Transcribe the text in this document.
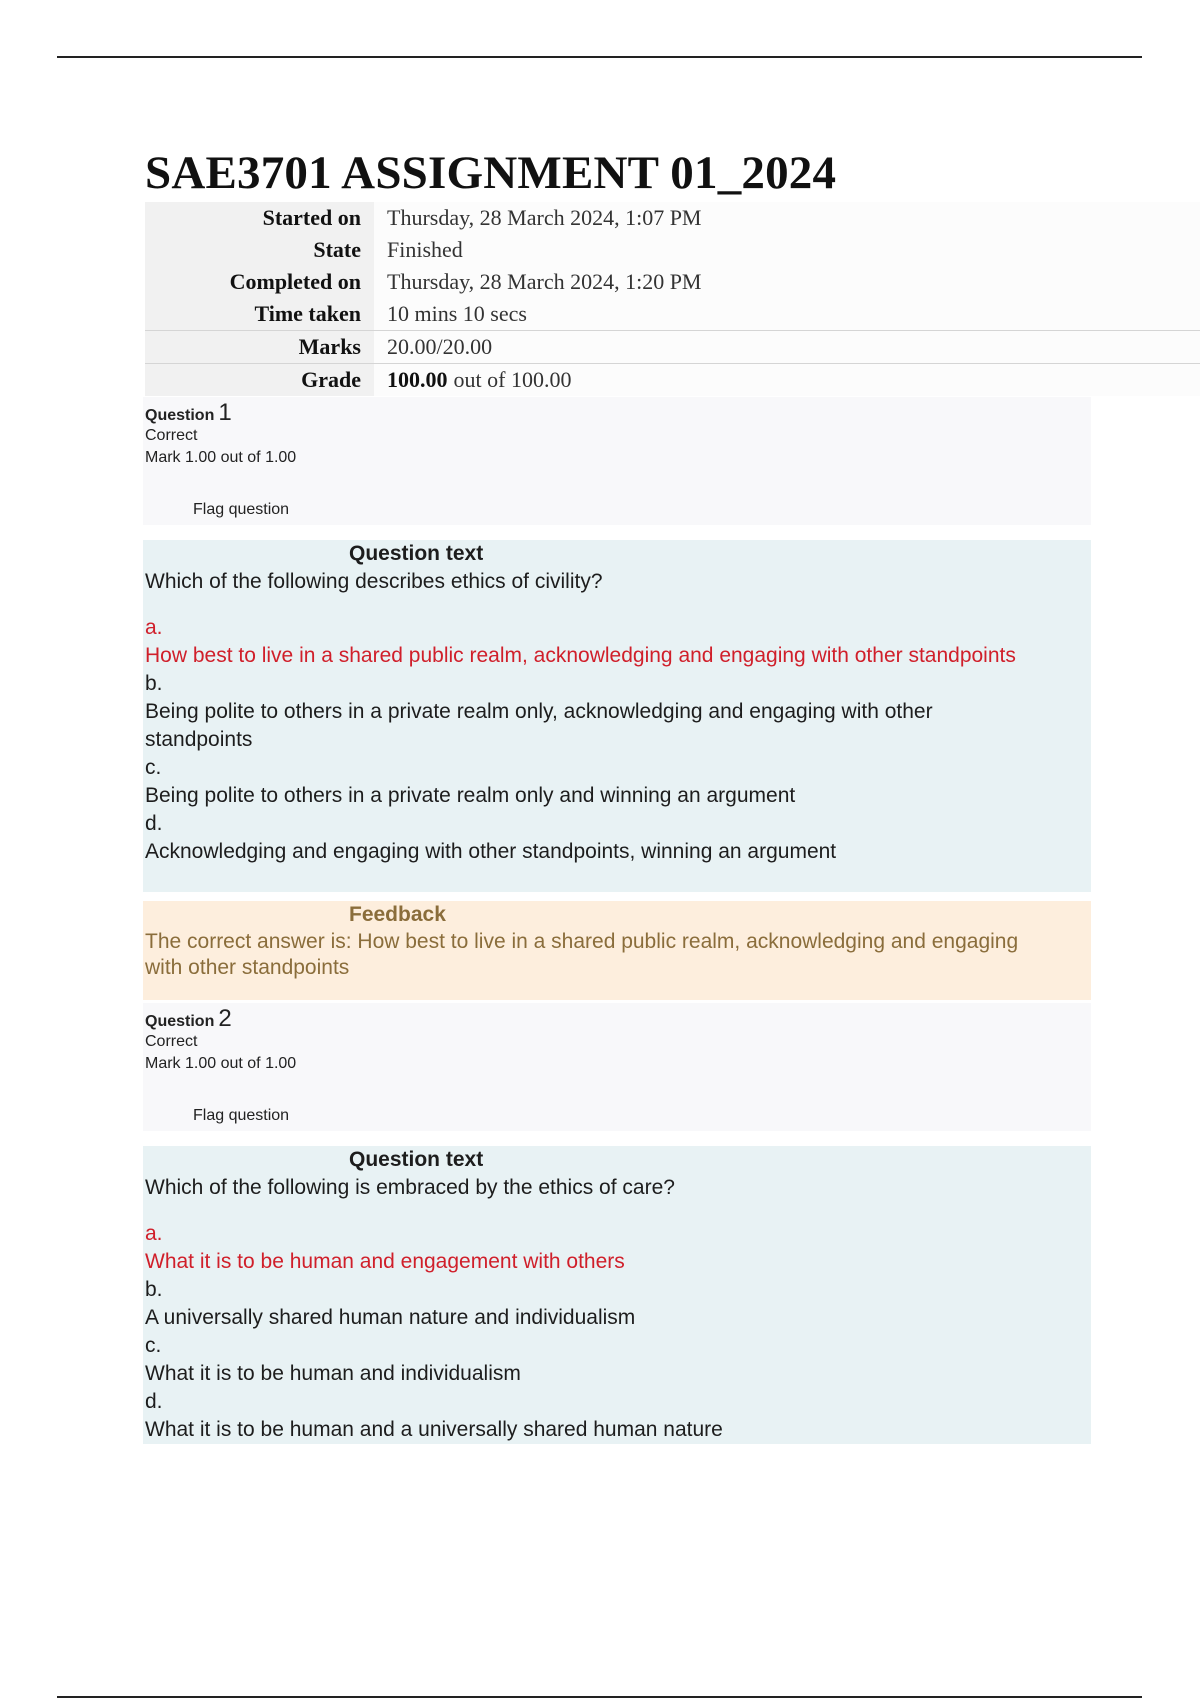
SAE3701 ASSIGNMENT 01_2024
Started on	Thursday, 28 March 2024, 1:07 PM
State	Finished
Completed on	Thursday, 28 March 2024, 1:20 PM
Time taken	10 mins 10 secs
Marks	20.00/20.00
Grade	100.00 out of 100.00
Question 1
Correct
Mark 1.00 out of 1.00
Flag question
Question text
Which of the following describes ethics of civility?
a.
How best to live in a shared public realm, acknowledging and engaging with other standpoints
b.
Being polite to others in a private realm only, acknowledging and engaging with other standpoints
c.
Being polite to others in a private realm only and winning an argument
d.
Acknowledging and engaging with other standpoints, winning an argument
Feedback
The correct answer is: How best to live in a shared public realm, acknowledging and engaging with other standpoints
Question 2
Correct
Mark 1.00 out of 1.00
Flag question
Question text
Which of the following is embraced by the ethics of care?
a.
What it is to be human and engagement with others
b.
A universally shared human nature and individualism
c.
What it is to be human and individualism
d.
What it is to be human and a universally shared human nature
